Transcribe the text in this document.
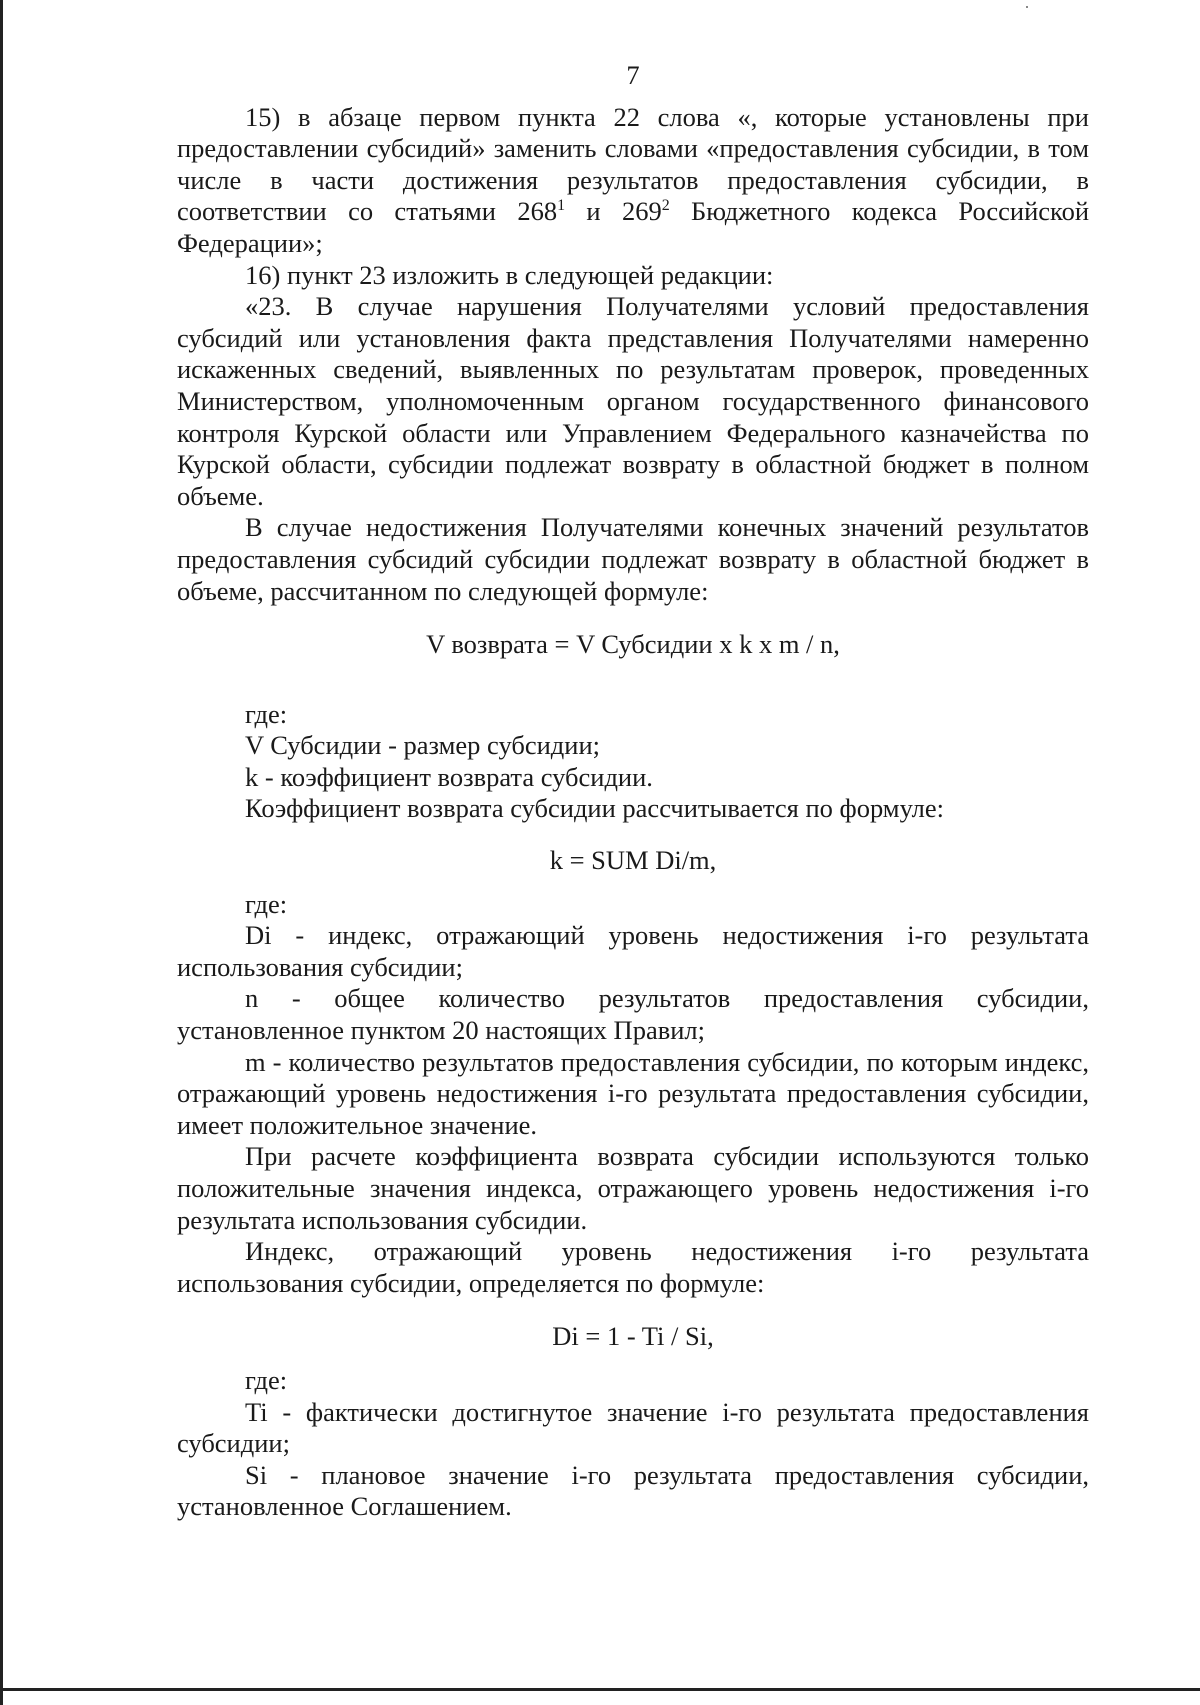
7

15) в абзаце первом пункта 22 слова «, которые установлены при предоставлении субсидий» заменить словами «предоставления субсидии, в том числе в части достижения результатов предоставления субсидии, в соответствии со статьями $268^1$ и $269^2$ Бюджетного кодекса Российской Федерации»;

16) пункт 23 изложить в следующей редакции:

«23. В случае нарушения Получателями условий предоставления субсидий или установления факта представления Получателями намеренно искаженных сведений, выявленных по результатам проверок, проведенных Министерством, уполномоченным органом государственного финансового контроля Курской области или Управлением Федерального казначейства по Курской области, субсидии подлежат возврату в областной бюджет в полном объеме.

В случае недостижения Получателями конечных значений результатов предоставления субсидий субсидии подлежат возврату в областной бюджет в объеме, рассчитанном по следующей формуле:

V возврата = V Субсидии x k x m / n,

где:

V Субсидии - размер субсидии;

k - коэффициент возврата субсидии.

Коэффициент возврата субсидии рассчитывается по формуле:

k = SUM Di/m,

где:

Di - индекс, отражающий уровень недостижения i-го результата использования субсидии;

n - общее количество результатов предоставления субсидии, установленное пунктом 20 настоящих Правил;

m - количество результатов предоставления субсидии, по которым индекс, отражающий уровень недостижения i-го результата предоставления субсидии, имеет положительное значение.

При расчете коэффициента возврата субсидии используются только положительные значения индекса, отражающего уровень недостижения i-го результата использования субсидии.

Индекс, отражающий уровень недостижения i-го результата использования субсидии, определяется по формуле:

Di = 1 - Ti / Si,

где:

Ti - фактически достигнутое значение i-го результата предоставления субсидии;

Si - плановое значение i-го результата предоставления субсидии, установленное Соглашением.
